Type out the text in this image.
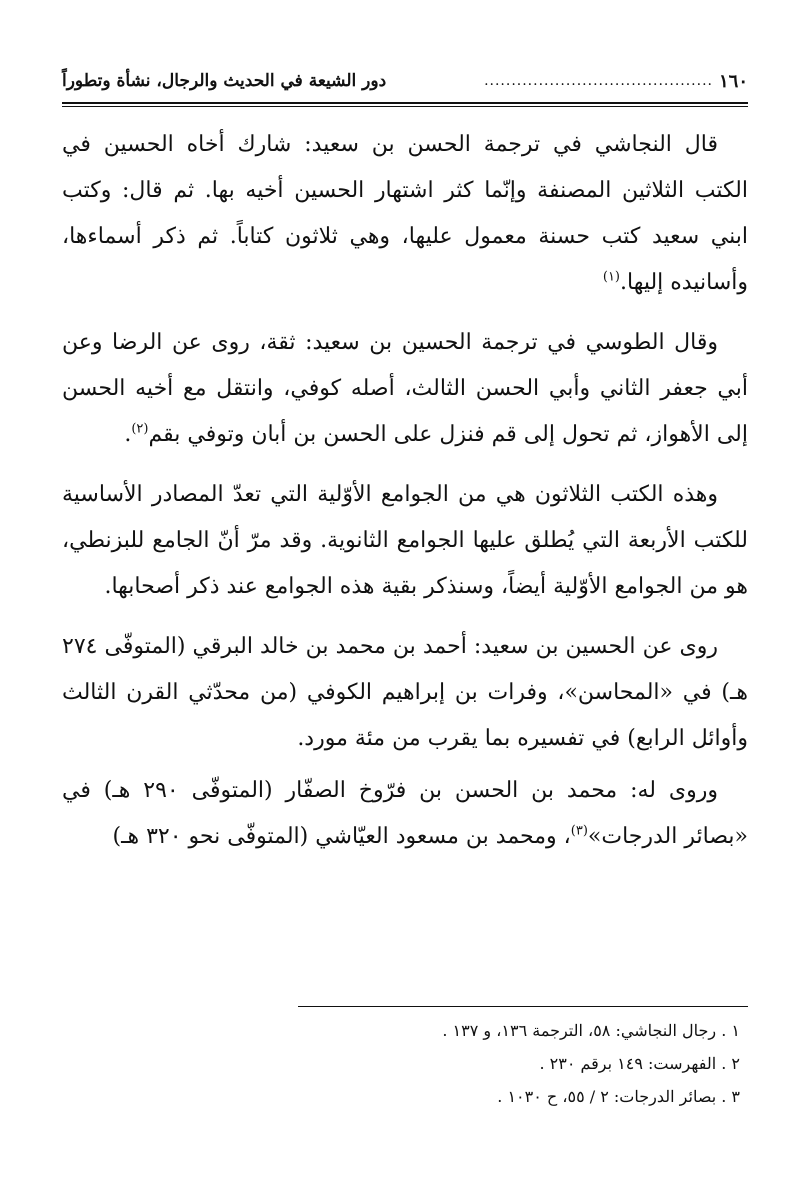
١٦٠
..........................................
دور الشيعة في الحديث والرجال، نشأة وتطوراً

قال النجاشي في ترجمة الحسن بن سعيد: شارك أخاه الحسين في الكتب الثلاثين المصنفة وإنّما كثر اشتهار الحسين أخيه بها. ثم قال: وكتب ابني سعيد كتب حسنة معمول عليها، وهي ثلاثون كتاباً. ثم ذكر أسماءها، وأسانيده إليها.$^{(١)}$

وقال الطوسي في ترجمة الحسين بن سعيد: ثقة، روى عن الرضا وعن أبي جعفر الثاني وأبي الحسن الثالث، أصله كوفي، وانتقل مع أخيه الحسن إلى الأهواز، ثم تحول إلى قم فنزل على الحسن بن أبان وتوفي بقم$^{(٢)}$.

وهذه الكتب الثلاثون هي من الجوامع الأوّلية التي تعدّ المصادر الأساسية للكتب الأربعة التي يُطلق عليها الجوامع الثانوية. وقد مرّ أنّ الجامع للبزنطي، هو من الجوامع الأوّلية أيضاً، وسنذكر بقية هذه الجوامع عند ذكر أصحابها.

روى عن الحسين بن سعيد: أحمد بن محمد بن خالد البرقي (المتوفّى ٢٧٤ هـ) في «المحاسن»، وفرات بن إبراهيم الكوفي (من محدّثي القرن الثالث وأوائل الرابع) في تفسيره بما يقرب من مئة مورد.

وروى له: محمد بن الحسن بن فرّوخ الصفّار (المتوفّى ٢٩٠ هـ) في «بصائر الدرجات»$^{(٣)}$، ومحمد بن مسعود العيّاشي (المتوفّى نحو ٣٢٠ هـ)

١ . رجال النجاشي: ٥٨، الترجمة ١٣٦، و ١٣٧ .
٢ . الفهرست: ١٤٩ برقم ٢٣٠ .
٣ . بصائر الدرجات: ٢ / ٥٥، ح ١٠٣٠ .
